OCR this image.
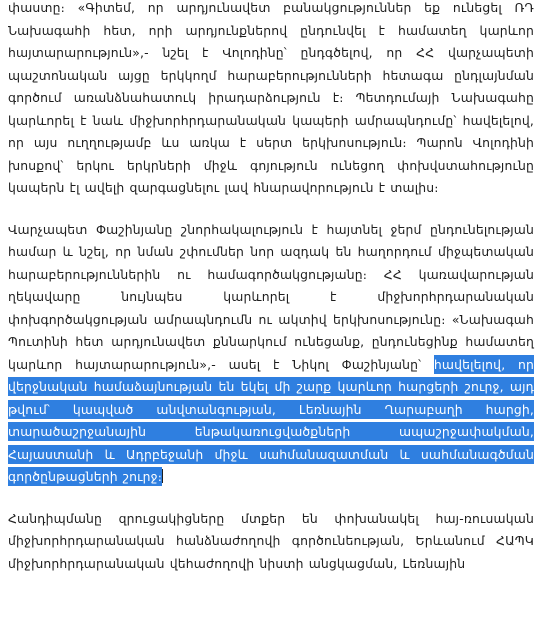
փաստը։ «Գիտեմ, որ արդյունավետ բանակցություններ եք ունեցել ՌԴ Նախագահի հետ, որի արդյունքներով ընդունվել է համատեղ կարևոր հայտարարություն»,- նշել է Վոլոդինը՝ ընդգծելով, որ ՀՀ վարչապետի պաշտոնական այցը երկկողմ հարաբերությունների հետագա ընդլայնման գործում առանձնահատուկ իրադարձություն է։ Պետդումայի Նախագահը կարևորել է նաև միջխորհրդարանական կապերի ամրապնդումը՝ հավելելով, որ այս ուղղությամբ ևս առկա է սերտ երկխոսություն։ Պարոն Վոլոդինի խոսքով՝ երկու երկրների միջև գոյություն ունեցող փոխվստահությունը կապերն էլ ավելի զարգացնելու լավ հնարավորություն է տալիս։

Վարչապետ Փաշինյանը շնորհակալություն է հայտնել ջերմ ընդունելության համար և նշել, որ նման շփումներ նոր ազդակ են հաղորդում միջպետական հարաբերություններին ու համագործակցությանը։ ՀՀ կառավարության ղեկավարը նույնպես կարևորել է միջխորհրդարանական փոխգործակցության ամրապնդումն ու ակտիվ երկխոսությունը։ «Նախագահ Պուտինի հետ արդյունավետ քննարկում ունեցանք, ընդունեցինք համատեղ կարևոր հայտարարություն»,- ասել է Նիկոլ Փաշինյանը՝ հավելելով, որ վերջնական համաձայնության են եկել մի շարք կարևոր հարցերի շուրջ, այդ թվում՝ կապված անվտանգության, Լեռնային Ղարաբաղի հարցի, տարածաշրջանային ենթակառուցվածքների ապաշրջափակման, Հայաստանի և Ադրբեջանի միջև սահմանազատման և սահմանագծման գործընթացների շուրջ։

Հանդիպմանը զրուցակիցները մտքեր են փոխանակել հայ-ռուսական միջխորհրդարանական հանձնաժողովի գործունեության, Երևանում ՀԱՊԿ միջխորհրդարանական վեհաժողովի նիստի անցկացման, Լեռնային
